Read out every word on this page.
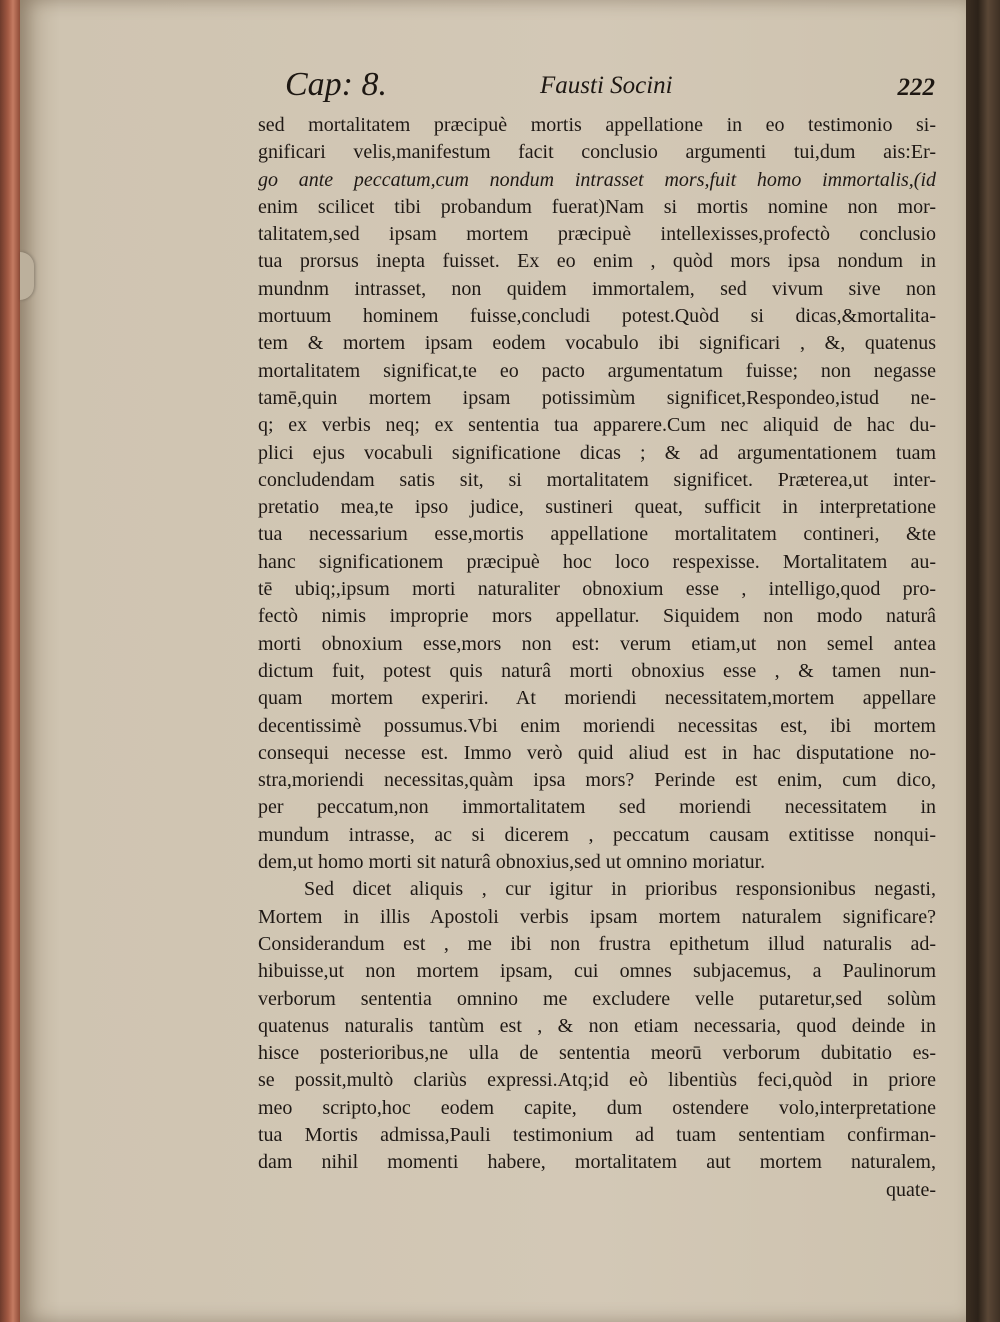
Cap: 8.	Fausti Socini	222
sed mortalitatem præcipuè mortis appellatione in eo testimonio si-
gnificari velis,manifestum facit conclusio argumenti tui,dum ais:Er-
go ante peccatum,cum nondum intrasset mors,fuit homo immortalis,(id
enim scilicet tibi probandum fuerat)Nam si mortis nomine non mor-
talitatem,sed ipsam mortem præcipuè intellexisses,profectò conclusio
tua prorsus inepta fuisset. Ex eo enim , quòd mors ipsa nondum in
mundnm intrasset, non quidem immortalem, sed vivum sive non
mortuum hominem fuisse,concludi potest.Quòd si dicas,&mortalita-
tem & mortem ipsam eodem vocabulo ibi significari , &, quatenus
mortalitatem significat,te eo pacto argumentatum fuisse; non negasse
tamē,quin mortem ipsam potissimùm significet,Respondeo,istud ne-
q; ex verbis neq; ex sententia tua apparere.Cum nec aliquid de hac du-
plici ejus vocabuli significatione dicas ; & ad argumentationem tuam
concludendam satis sit, si mortalitatem significet. Præterea,ut inter-
pretatio mea,te ipso judice, sustineri queat, sufficit in interpretatione
tua necessarium esse,mortis appellatione mortalitatem contineri, &te
hanc significationem præcipuè hoc loco respexisse. Mortalitatem au-
tē ubiq;,ipsum morti naturaliter obnoxium esse , intelligo,quod pro-
fectò nimis improprie mors appellatur. Siquidem non modo naturâ
morti obnoxium esse,mors non est: verum etiam,ut non semel antea
dictum fuit, potest quis naturâ morti obnoxius esse , & tamen nun-
quam mortem experiri. At moriendi necessitatem,mortem appellare
decentissimè possumus.Vbi enim moriendi necessitas est, ibi mortem
consequi necesse est. Immo verò quid aliud est in hac disputatione no-
stra,moriendi necessitas,quàm ipsa mors? Perinde est enim, cum dico,
per peccatum,non immortalitatem sed moriendi necessitatem in
mundum intrasse, ac si dicerem , peccatum causam extitisse nonqui-
dem,ut homo morti sit naturâ obnoxius,sed ut omnino moriatur.
Sed dicet aliquis , cur igitur in prioribus responsionibus negasti,
Mortem in illis Apostoli verbis ipsam mortem naturalem significare?
Considerandum est , me ibi non frustra epithetum illud naturalis ad-
hibuisse,ut non mortem ipsam, cui omnes subjacemus, a Paulinorum
verborum sententia omnino me excludere velle putaretur,sed solùm
quatenus naturalis tantùm est , & non etiam necessaria, quod deinde in
hisce posterioribus,ne ulla de sententia meorū verborum dubitatio es-
se possit,multò clariùs expressi.Atq;id eò libentiùs feci,quòd in priore
meo scripto,hoc eodem capite, dum ostendere volo,interpretatione
tua Mortis admissa,Pauli testimonium ad tuam sententiam confirman-
dam nihil momenti habere, mortalitatem aut mortem naturalem,
quate-
